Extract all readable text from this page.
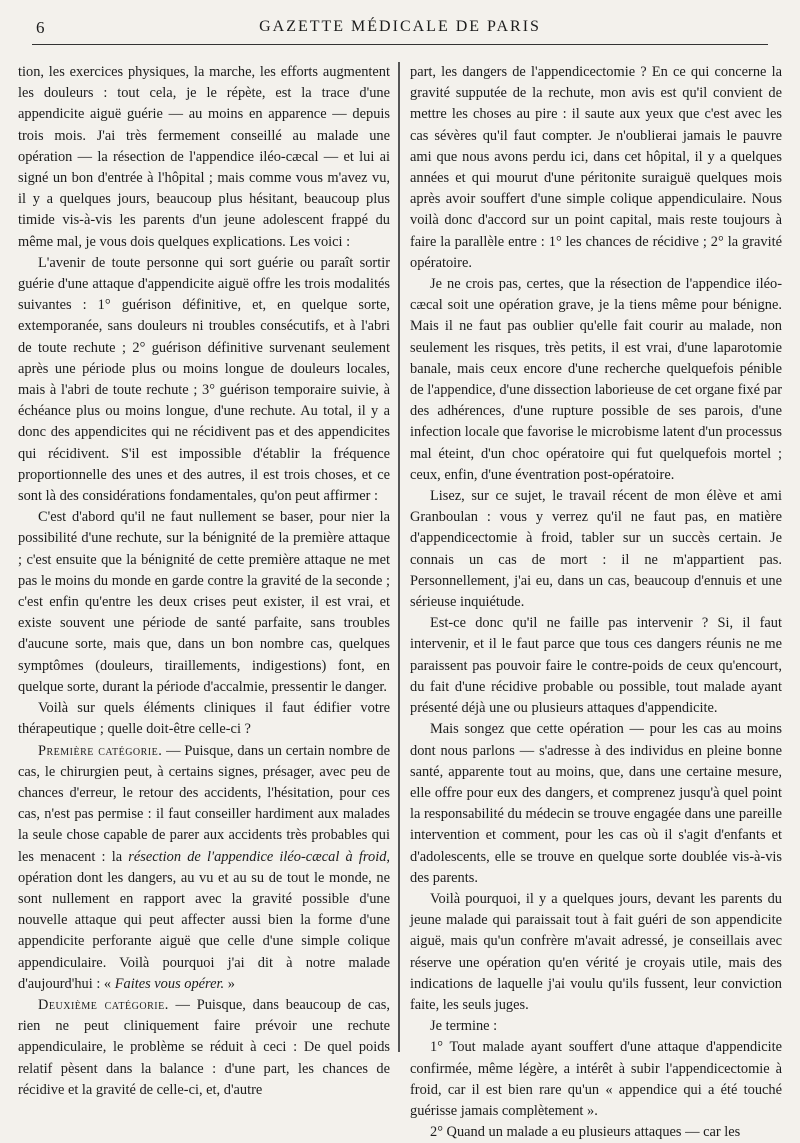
6	GAZETTE MÉDICALE DE PARIS

tion, les exercices physiques, la marche, les efforts augmentent les douleurs : tout cela, je le répète, est la trace d'une appendicite aiguë guérie — au moins en apparence — depuis trois mois. J'ai très fermement conseillé au malade une opération — la résection de l'appendice iléo-cæcal — et lui ai signé un bon d'entrée à l'hôpital ; mais comme vous m'avez vu, il y a quelques jours, beaucoup plus hésitant, beaucoup plus timide vis-à-vis les parents d'un jeune adolescent frappé du même mal, je vous dois quelques explications. Les voici :

L'avenir de toute personne qui sort guérie ou paraît sortir guérie d'une attaque d'appendicite aiguë offre les trois modalités suivantes : 1° guérison définitive, et, en quelque sorte, extemporanée, sans douleurs ni troubles consécutifs, et à l'abri de toute rechute ; 2° guérison définitive survenant seulement après une période plus ou moins longue de douleurs locales, mais à l'abri de toute rechute ; 3° guérison temporaire suivie, à échéance plus ou moins longue, d'une rechute. Au total, il y a donc des appendicites qui ne récidivent pas et des appendicites qui récidivent. S'il est impossible d'établir la fréquence proportionnelle des unes et des autres, il est trois choses, et ce sont là des considérations fondamentales, qu'on peut affirmer :

C'est d'abord qu'il ne faut nullement se baser, pour nier la possibilité d'une rechute, sur la bénignité de la première attaque ; c'est ensuite que la bénignité de cette première attaque ne met pas le moins du monde en garde contre la gravité de la seconde ; c'est enfin qu'entre les deux crises peut exister, il est vrai, et existe souvent une période de santé parfaite, sans troubles d'aucune sorte, mais que, dans un bon nombre cas, quelques symptômes (douleurs, tiraillements, indigestions) font, en quelque sorte, durant la période d'accalmie, pressentir le danger.

Voilà sur quels éléments cliniques il faut édifier votre thérapeutique ; quelle doit-être celle-ci ?

Première catégorie. — Puisque, dans un certain nombre de cas, le chirurgien peut, à certains signes, présager, avec peu de chances d'erreur, le retour des accidents, l'hésitation, pour ces cas, n'est pas permise : il faut conseiller hardiment aux malades la seule chose capable de parer aux accidents très probables qui les menacent : la résection de l'appendice iléo-cæcal à froid, opération dont les dangers, au vu et au su de tout le monde, ne sont nullement en rapport avec la gravité possible d'une nouvelle attaque qui peut affecter aussi bien la forme d'une appendicite perforante aiguë que celle d'une simple colique appendiculaire. Voilà pourquoi j'ai dit à notre malade d'aujourd'hui : « Faites vous opérer. »

Deuxième catégorie. — Puisque, dans beaucoup de cas, rien ne peut cliniquement faire prévoir une rechute appendiculaire, le problème se réduit à ceci : De quel poids relatif pèsent dans la balance : d'une part, les chances de récidive et la gravité de celle-ci, et, d'autre

part, les dangers de l'appendicectomie ? En ce qui concerne la gravité supputée de la rechute, mon avis est qu'il convient de mettre les choses au pire : il saute aux yeux que c'est avec les cas sévères qu'il faut compter. Je n'oublierai jamais le pauvre ami que nous avons perdu ici, dans cet hôpital, il y a quelques années et qui mourut d'une péritonite suraiguë quelques mois après avoir souffert d'une simple colique appendiculaire. Nous voilà donc d'accord sur un point capital, mais reste toujours à faire la parallèle entre : 1° les chances de récidive ; 2° la gravité opératoire.

Je ne crois pas, certes, que la résection de l'appendice iléo-cæcal soit une opération grave, je la tiens même pour bénigne. Mais il ne faut pas oublier qu'elle fait courir au malade, non seulement les risques, très petits, il est vrai, d'une laparotomie banale, mais ceux encore d'une recherche quelquefois pénible de l'appendice, d'une dissection laborieuse de cet organe fixé par des adhérences, d'une rupture possible de ses parois, d'une infection locale que favorise le microbisme latent d'un processus mal éteint, d'un choc opératoire qui fut quelquefois mortel ; ceux, enfin, d'une éventration post-opératoire.

Lisez, sur ce sujet, le travail récent de mon élève et ami Granboulan : vous y verrez qu'il ne faut pas, en matière d'appendicectomie à froid, tabler sur un succès certain. Je connais un cas de mort : il ne m'appartient pas. Personnellement, j'ai eu, dans un cas, beaucoup d'ennuis et une sérieuse inquiétude.

Est-ce donc qu'il ne faille pas intervenir ? Si, il faut intervenir, et il le faut parce que tous ces dangers réunis ne me paraissent pas pouvoir faire le contre-poids de ceux qu'encourt, du fait d'une récidive probable ou possible, tout malade ayant présenté déjà une ou plusieurs attaques d'appendicite.

Mais songez que cette opération — pour les cas au moins dont nous parlons — s'adresse à des individus en pleine bonne santé, apparente tout au moins, que, dans une certaine mesure, elle offre pour eux des dangers, et comprenez jusqu'à quel point la responsabilité du médecin se trouve engagée dans une pareille intervention et comment, pour les cas où il s'agit d'enfants et d'adolescents, elle se trouve en quelque sorte doublée vis-à-vis des parents.

Voilà pourquoi, il y a quelques jours, devant les parents du jeune malade qui paraissait tout à fait guéri de son appendicite aiguë, mais qu'un confrère m'avait adressé, je conseillais avec réserve une opération qu'en vérité je croyais utile, mais des indications de laquelle j'ai voulu qu'ils fussent, leur conviction faite, les seuls juges.

Je termine :

1° Tout malade ayant souffert d'une attaque d'appendicite confirmée, même légère, a intérêt à subir l'appendicectomie à froid, car il est bien rare qu'un « appendice qui a été touché guérisse jamais complètement ».

2° Quand un malade a eu plusieurs attaques — car les
